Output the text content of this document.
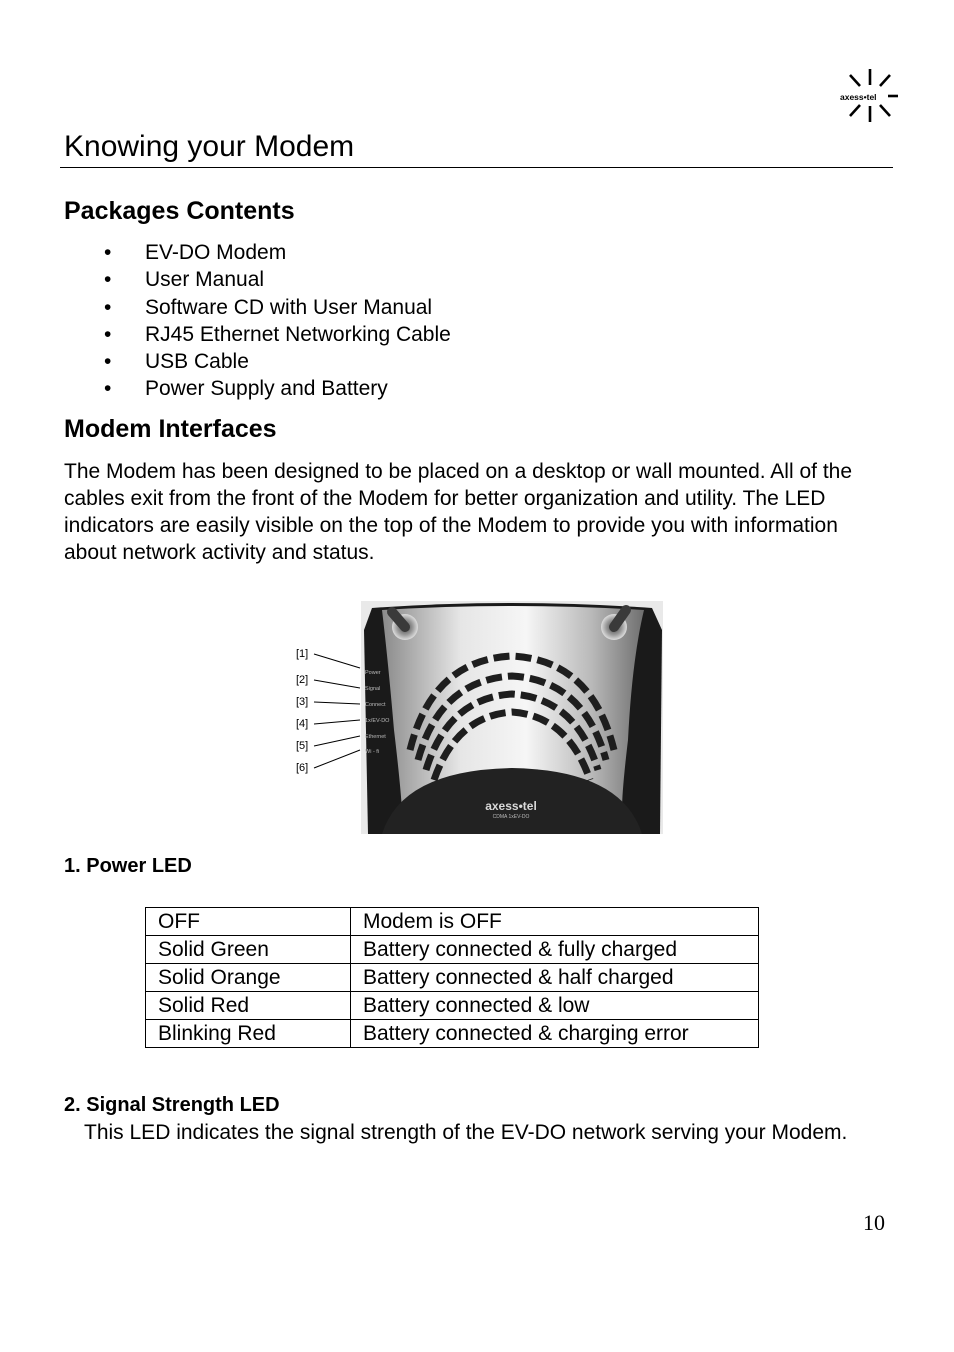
axess•tel
Knowing your Modem
Packages Contents
• EV-DO Modem
• User Manual
• Software CD with User Manual
• RJ45 Ethernet Networking Cable
• USB Cable
• Power Supply and Battery
Modem Interfaces

The Modem has been designed to be placed on a desktop or wall mounted. All of the cables exit from the front of the Modem for better organization and utility. The LED indicators are easily visible on the top of the Modem to provide you with information about network activity and status.

[1]
[2]
[3]
[4]
[5]
[6]
Power
Signal
Connect
1x/EV-DO
Ethernet
Wi - fi
axess•tel
CDMA 1xEV-DO
1. Power LED
OFF	Modem is OFF
Solid Green	Battery connected & fully charged
Solid Orange	Battery connected & half charged
Solid Red	Battery connected & low
Blinking Red	Battery connected & charging error
2. Signal Strength LED

This LED indicates the signal strength of the EV-DO network serving your Modem.

10
